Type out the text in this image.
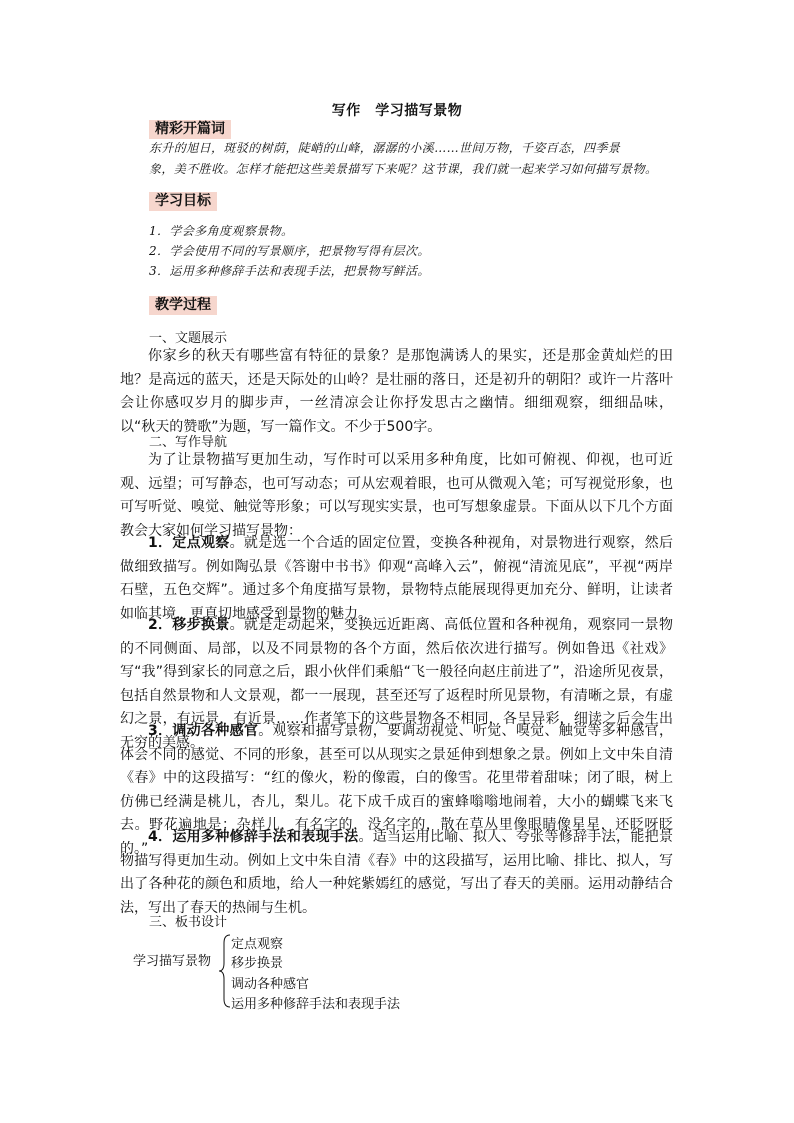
写作　学习描写景物
精彩开篇词
东升的旭日，斑驳的树荫，陡峭的山峰，潺潺的小溪……世间万物，千姿百态，四季景
象，美不胜收。怎样才能把这些美景描写下来呢？这节课，我们就一起来学习如何描写景物。
学习目标
1．学会多角度观察景物。
2．学会使用不同的写景顺序，把景物写得有层次。
3．运用多种修辞手法和表现手法，把景物写鲜活。
教学过程
一、文题展示
你家乡的秋天有哪些富有特征的景象？是那饱满诱人的果实，还是那金黄灿烂的田地？是高远的蓝天，还是天际处的山岭？是壮丽的落日，还是初升的朝阳？或许一片落叶会让你感叹岁月的脚步声，一丝清凉会让你抒发思古之幽情。细细观察，细细品味，以“秋天的赞歌”为题，写一篇作文。不少于500字。
二、写作导航
为了让景物描写更加生动，写作时可以采用多种角度，比如可俯视、仰视，也可近观、远望；可写静态，也可写动态；可从宏观着眼，也可从微观入笔；可写视觉形象，也可写听觉、嗅觉、触觉等形象；可以写现实实景，也可写想象虚景。下面从以下几个方面教会大家如何学习描写景物：
1．定点观察。就是选一个合适的固定位置，变换各种视角，对景物进行观察，然后做细致描写。例如陶弘景《答谢中书书》仰观“高峰入云”，俯视“清流见底”，平视“两岸石壁，五色交辉”。通过多个角度描写景物，景物特点能展现得更加充分、鲜明，让读者如临其境，更真切地感受到景物的魅力。
2．移步换景。就是走动起来，变换远近距离、高低位置和各种视角，观察同一景物的不同侧面、局部，以及不同景物的各个方面，然后依次进行描写。例如鲁迅《社戏》写“我”得到家长的同意之后，跟小伙伴们乘船“飞一般径向赵庄前进了”，沿途所见夜景，包括自然景物和人文景观，都一一展现，甚至还写了返程时所见景物，有清晰之景，有虚幻之景，有远景，有近景……作者笔下的这些景物各不相同，各呈异彩，细读之后会生出无穷的美感。
3．调动各种感官。观察和描写景物，要调动视觉、听觉、嗅觉、触觉等多种感官，体会不同的感觉、不同的形象，甚至可以从现实之景延伸到想象之景。例如上文中朱自清《春》中的这段描写：“红的像火，粉的像霞，白的像雪。花里带着甜味；闭了眼，树上仿佛已经满是桃儿，杏儿，梨儿。花下成千成百的蜜蜂嗡嗡地闹着，大小的蝴蝶飞来飞去。野花遍地是：杂样儿，有名字的，没名字的，散在草丛里像眼睛像星星，还眨呀眨的。”
4．运用多种修辞手法和表现手法。适当运用比喻、拟人、夸张等修辞手法，能把景物描写得更加生动。例如上文中朱自清《春》中的这段描写，运用比喻、排比、拟人，写出了各种花的颜色和质地，给人一种姹紫嫣红的感觉，写出了春天的美丽。运用动静结合法，写出了春天的热闹与生机。
三、板书设计
学习描写景物
定点观察
移步换景
调动各种感官
运用多种修辞手法和表现手法
